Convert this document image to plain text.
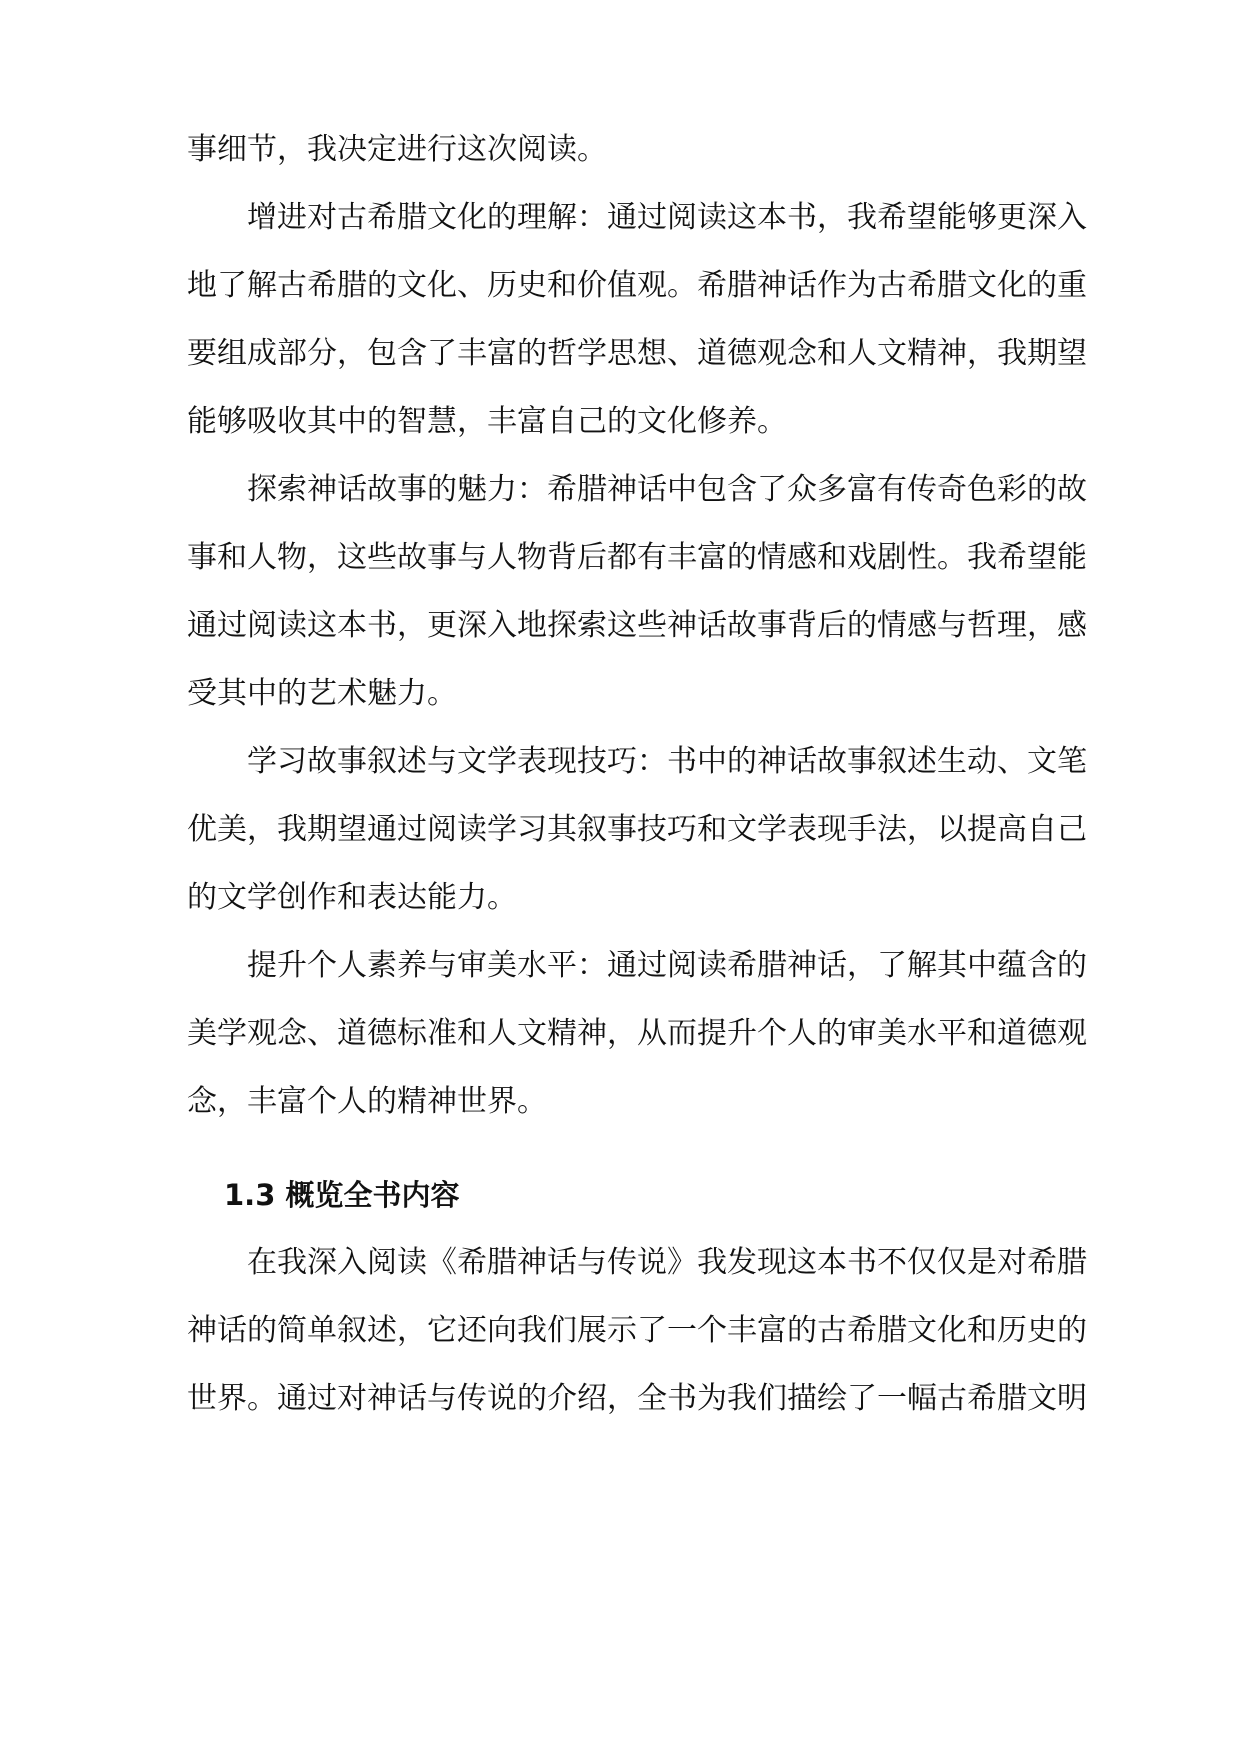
事细节，我决定进行这次阅读。
增进对古希腊文化的理解：通过阅读这本书，我希望能够更深入
地了解古希腊的文化、历史和价值观。希腊神话作为古希腊文化的重
要组成部分，包含了丰富的哲学思想、道德观念和人文精神，我期望
能够吸收其中的智慧，丰富自己的文化修养。
探索神话故事的魅力：希腊神话中包含了众多富有传奇色彩的故
事和人物，这些故事与人物背后都有丰富的情感和戏剧性。我希望能
通过阅读这本书，更深入地探索这些神话故事背后的情感与哲理，感
受其中的艺术魅力。
学习故事叙述与文学表现技巧：书中的神话故事叙述生动、文笔
优美，我期望通过阅读学习其叙事技巧和文学表现手法，以提高自己
的文学创作和表达能力。
提升个人素养与审美水平：通过阅读希腊神话，了解其中蕴含的
美学观念、道德标准和人文精神，从而提升个人的审美水平和道德观
念，丰富个人的精神世界。
1.3 概览全书内容
在我深入阅读《希腊神话与传说》我发现这本书不仅仅是对希腊
神话的简单叙述，它还向我们展示了一个丰富的古希腊文化和历史的
世界。通过对神话与传说的介绍，全书为我们描绘了一幅古希腊文明
